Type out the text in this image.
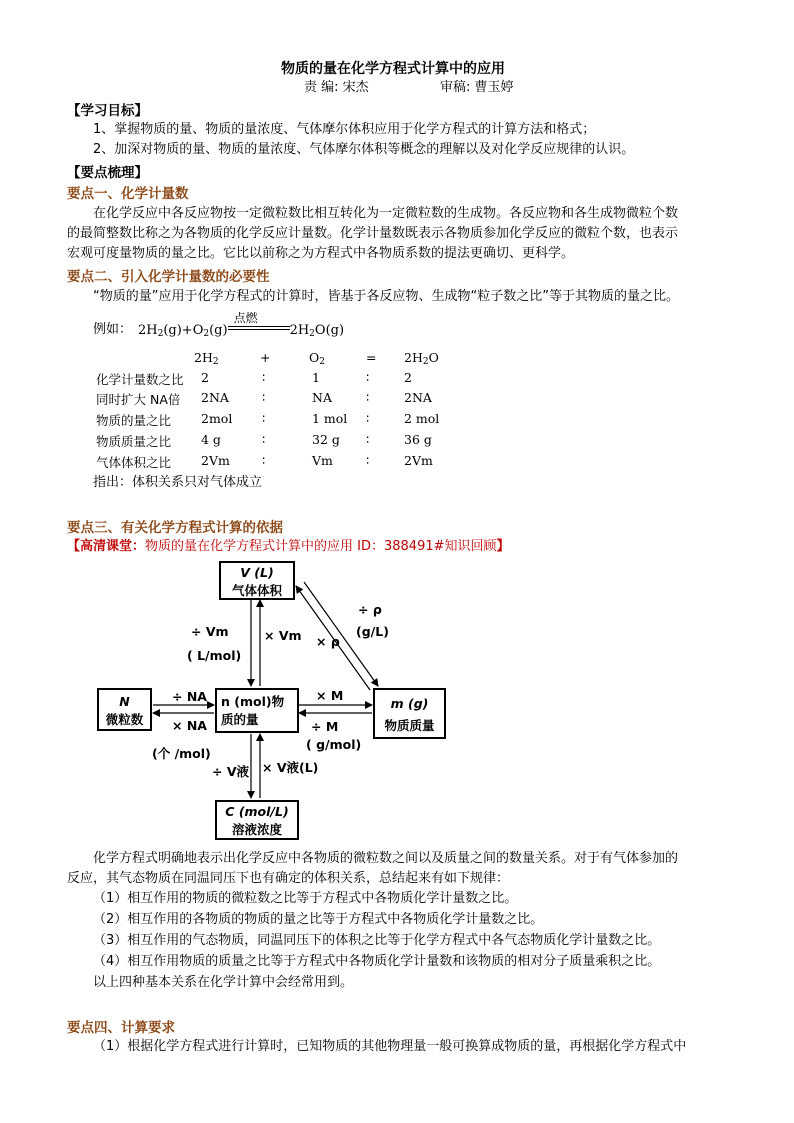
物质的量在化学方程式计算中的应用
责 编: 宋杰	审稿: 曹玉婷
【学习目标】
1、掌握物质的量、物质的量浓度、气体摩尔体积应用于化学方程式的计算方法和格式；
2、加深对物质的量、物质的量浓度、气体摩尔体积等概念的理解以及对化学反应规律的认识。
【要点梳理】
要点一、化学计量数
在化学反应中各反应物按一定微粒数比相互转化为一定微粒数的生成物。各反应物和各生成物微粒个数
的最简整数比称之为各物质的化学反应计量数。化学计量数既表示各物质参加化学反应的微粒个数，也表示
宏观可度量物质的量之比。它比以前称之为方程式中各物质系数的提法更确切、更科学。
要点二、引入化学计量数的必要性
“物质的量”应用于化学方程式的计算时，皆基于各反应物、生成物“粒子数之比”等于其物质的量之比。
例如： $2H_2(g)+O_2(g)$
点燃
$2H_2O(g)$
$2H_2$	+	$O_2$	= $2H_2O$
化学计量数之比 2	∶	1	∶	2
同时扩大 NA倍 2NA	∶	NA	∶	2NA
物质的量之比 2mol ∶	1 mol ∶	2 mol
物质质量之比 4 g	∶	32 g ∶	36 g
气体体积之比 2Vm	∶	Vm	∶	2Vm
指出：体积关系只对气体成立
要点三、有关化学方程式计算的依据
【高清课堂：物质的量在化学方程式计算中的应用 ID：388491#知识回顾】
V (L)
气体体积
N
微粒数
n (mol)物
质的量
m (g)
物质质量
C (mol/L)
溶液浓度
÷ Vm
( L/mol)
× Vm
÷ ρ
(g/L)
× ρ
÷ NA
× NA
(个 /mol)
× M
÷ M
( g/mol)
÷ V液 × V液(L)
化学方程式明确地表示出化学反应中各物质的微粒数之间以及质量之间的数量关系。对于有气体参加的
反应，其气态物质在同温同压下也有确定的体积关系，总结起来有如下规律：
（1）相互作用的物质的微粒数之比等于方程式中各物质化学计量数之比。
（2）相互作用的各物质的物质的量之比等于方程式中各物质化学计量数之比。
（3）相互作用的气态物质，同温同压下的体积之比等于化学方程式中各气态物质化学计量数之比。
（4）相互作用物质的质量之比等于方程式中各物质化学计量数和该物质的相对分子质量乘积之比。
以上四种基本关系在化学计算中会经常用到。
要点四、计算要求
（1）根据化学方程式进行计算时，已知物质的其他物理量一般可换算成物质的量，再根据化学方程式中
